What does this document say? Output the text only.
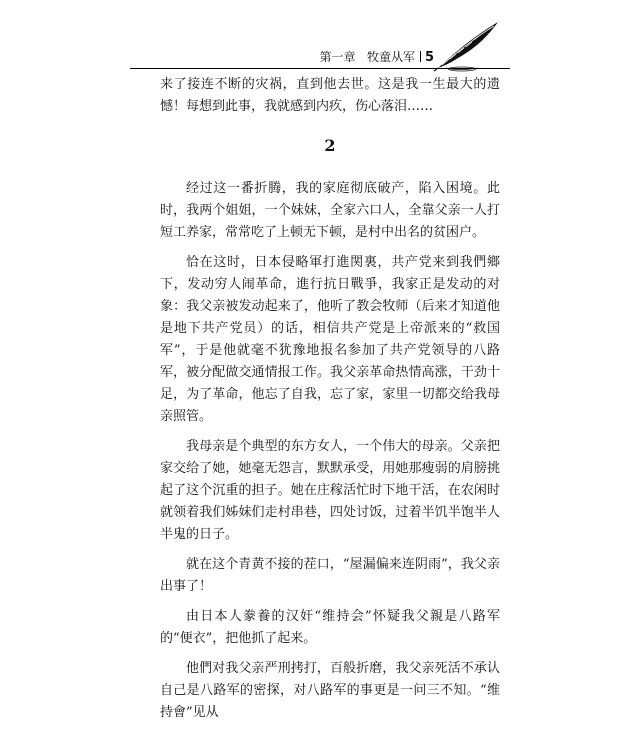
第一章 牧童从军 5

来了接连不断的灾祸，直到他去世。这是我一生最大的遗憾！每想到此事，我就感到内疚，伤心落泪……

2

经过这一番折腾，我的家庭彻底破产，陷入困境。此时，我两个姐姐，一个妹妹，全家六口人，全靠父亲一人打短工养家，常常吃了上顿无下顿，是村中出名的贫困户。

恰在这时，日本侵略軍打進関裏，共产党来到我們鄉下，发动穷人闹革命，進行抗日戰爭，我家正是发动的对象：我父亲被发动起来了，他听了教会牧师（后来才知道他是地下共产党员）的话，相信共产党是上帝派来的“救国军”，于是他就毫不犹豫地报名参加了共产党领导的八路军，被分配做交通情报工作。我父亲革命热情高涨，干劲十足，为了革命，他忘了自我，忘了家，家里一切都交给我母亲照管。

我母亲是个典型的东方女人，一个伟大的母亲。父亲把家交给了她，她毫无怨言，默默承受，用她那瘦弱的肩膀挑起了这个沉重的担子。她在庄稼活忙时下地干活，在农闲时就领着我们姊妹们走村串巷，四处讨饭，过着半饥半饱半人半鬼的日子。

就在这个青黄不接的茬口，“屋漏偏来连阴雨”，我父亲出事了！

由日本人豢養的汉奸“维持会”怀疑我父親是八路军的“便衣”，把他抓了起来。

他們对我父亲严刑拷打，百般折磨，我父亲死活不承认自己是八路军的密探，对八路军的事更是一问三不知。“维持會”见从
